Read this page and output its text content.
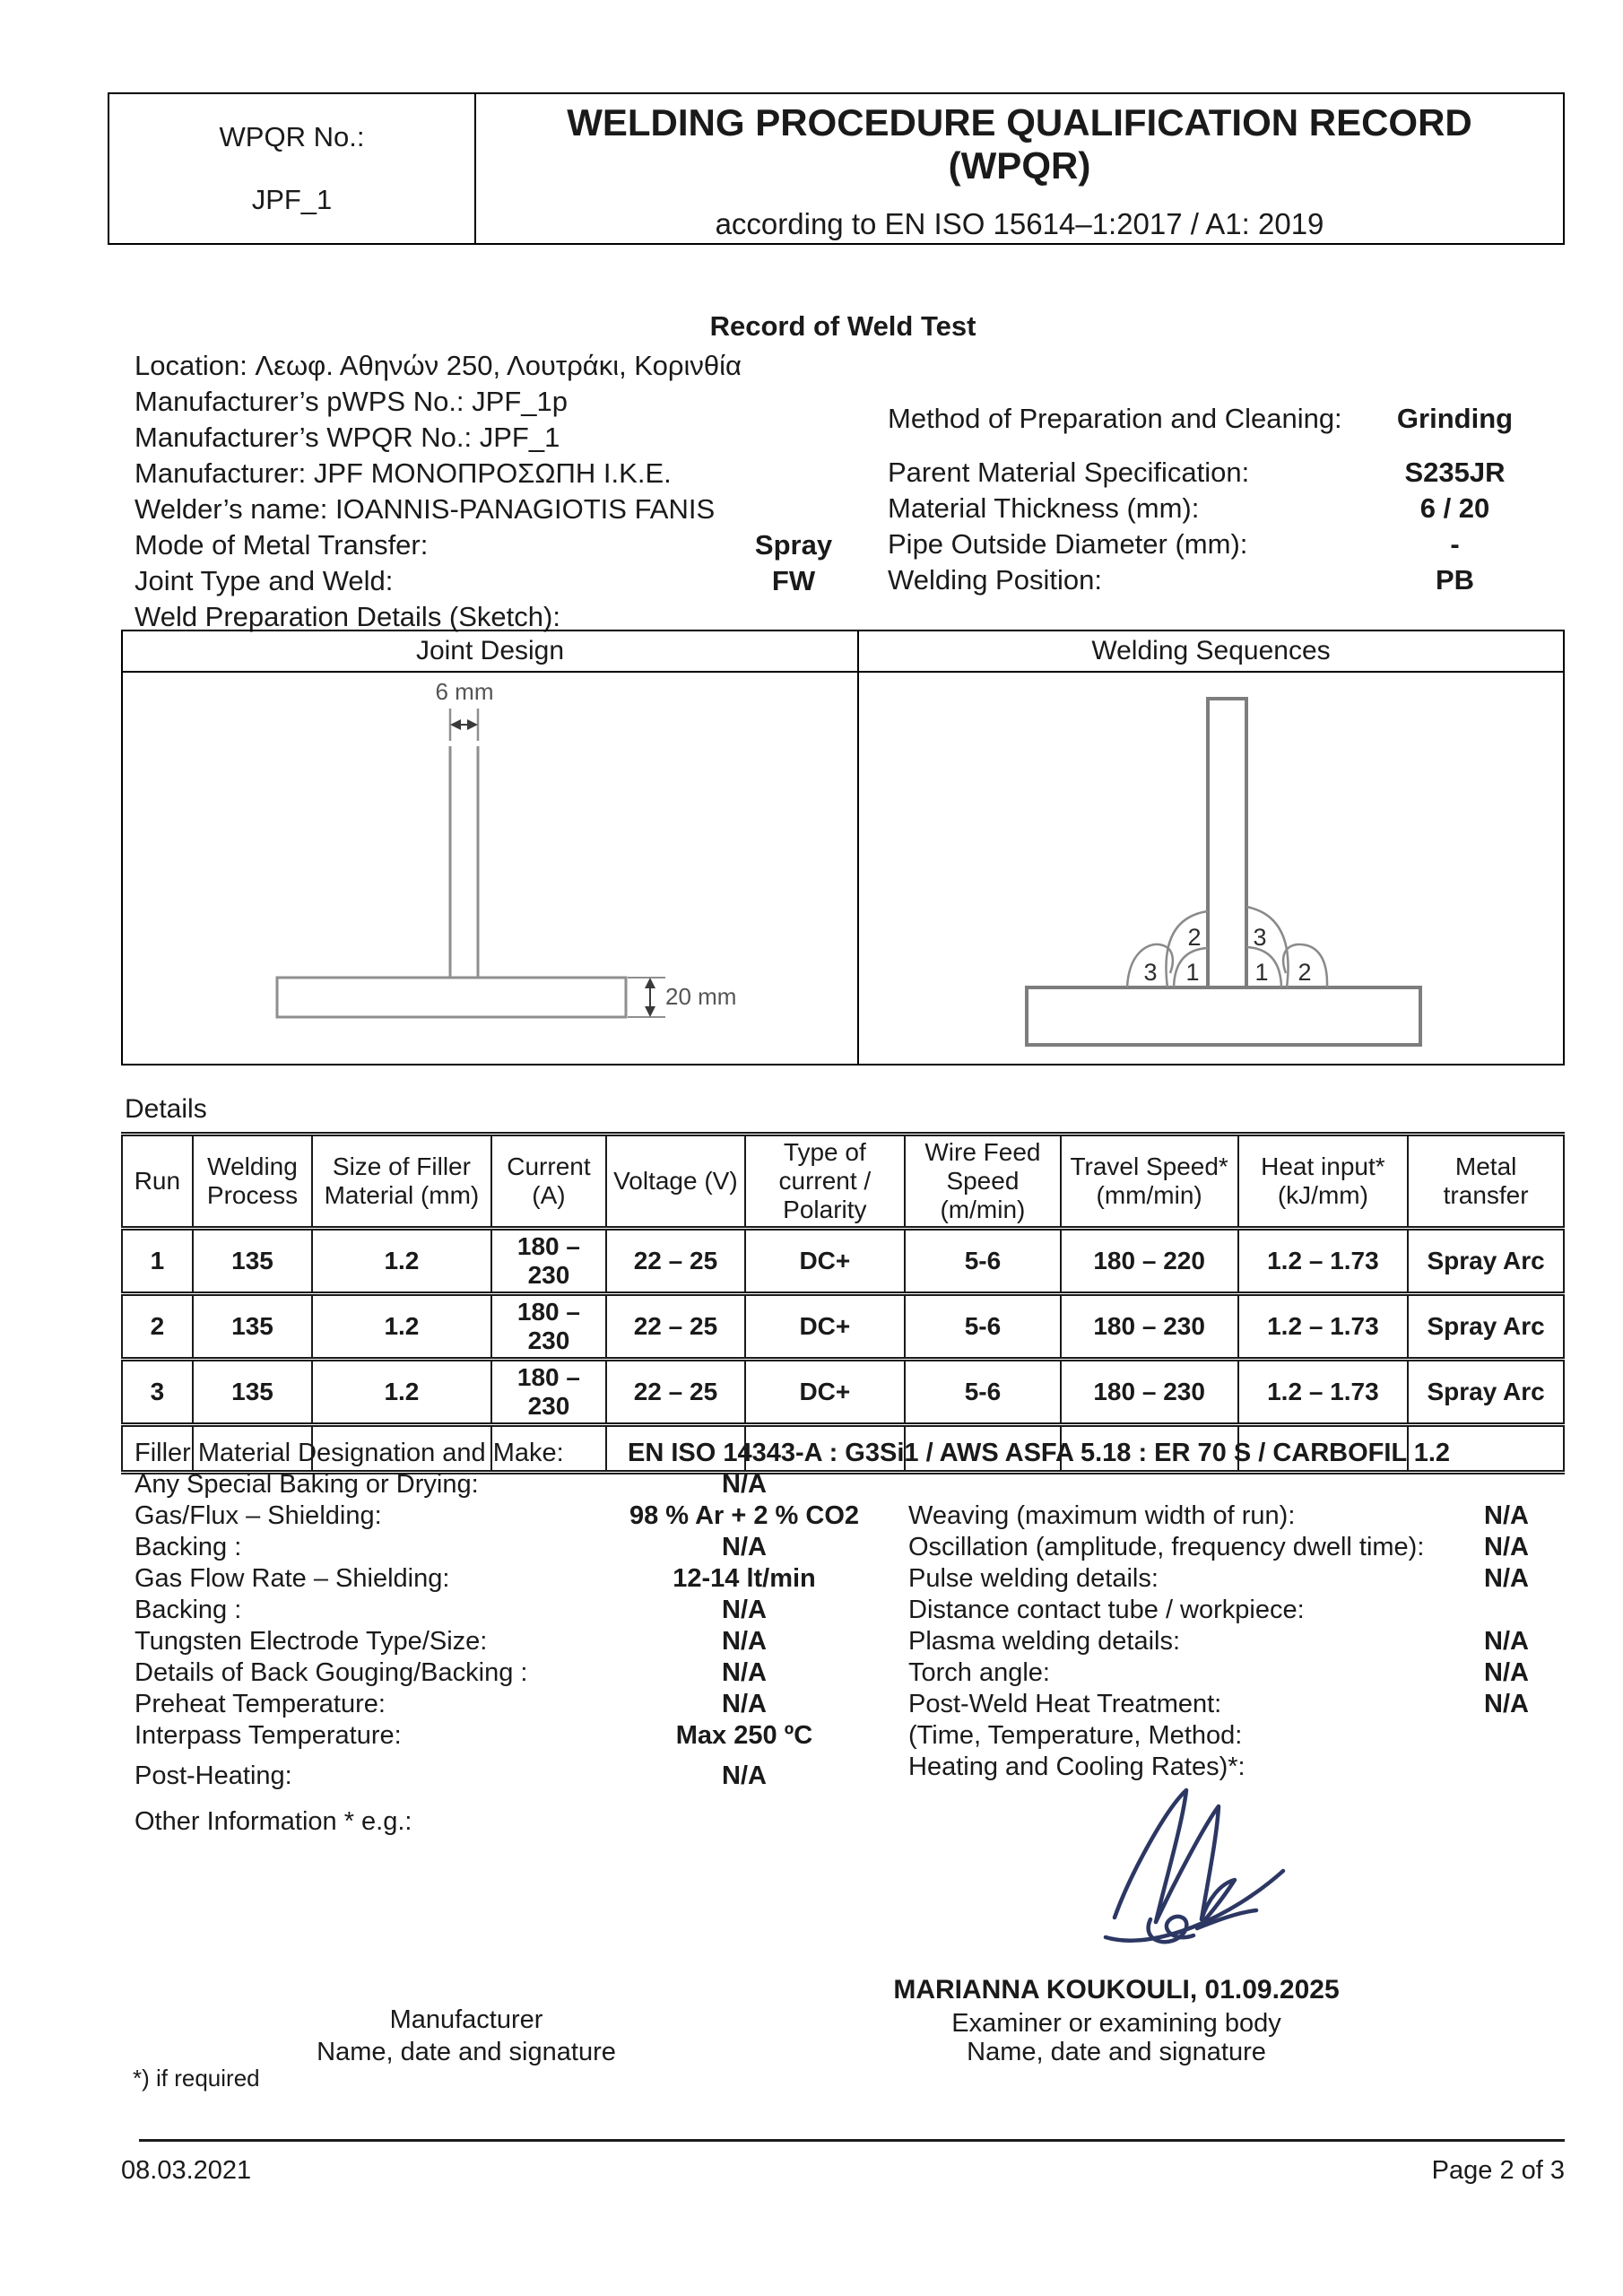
WPQR No.:
JPF_1
WELDING PROCEDURE QUALIFICATION RECORD
(WPQR)
according to EN ISO 15614–1:2017 / A1: 2019
Record of Weld Test
Location: Λεωφ. Αθηνών 250, Λουτράκι, Κορινθία
Manufacturer’s pWPS No.: JPF_1p
Manufacturer’s WPQR No.: JPF_1
Manufacturer: JPF ΜΟΝΟΠΡΟΣΩΠΗ Ι.Κ.Ε.
Welder’s name: IOANNIS-PANAGIOTIS FANIS
Mode of Metal Transfer:	Spray
Joint Type and Weld:	FW
Weld Preparation Details (Sketch):
Method of Preparation and Cleaning:	Grinding
Parent Material Specification:	S235JR
Material Thickness (mm):	6 / 20
Pipe Outside Diameter (mm):	-
Welding Position:	PB
Joint Design
6 mm
20 mm
Welding Sequences
2
1
3
3
1 2
Details
Run	Welding Process	Size of Filler Material (mm)	Current (A)	Voltage (V)	Type of current / Polarity	Wire Feed Speed (m/min)	Travel Speed* (mm/min)	Heat input* (kJ/mm)	Metal transfer
1	135	1.2	180 – 230	22 – 25	DC+	5-6	180 – 220	1.2 – 1.73	Spray Arc
2	135	1.2	180 – 230	22 – 25	DC+	5-6	180 – 230	1.2 – 1.73	Spray Arc
3	135	1.2	180 – 230	22 – 25	DC+	5-6	180 – 230	1.2 – 1.73	Spray Arc

Filler Material Designation and Make: EN ISO 14343-A : G3Si1 / AWS ASFA 5.18 : ER 70 S / CARBOFIL 1.2
Any Special Baking or Drying:	N/A
Gas/Flux – Shielding:	98 % Ar + 2 % CO2
Backing :	N/A
Gas Flow Rate – Shielding:	12-14 lt/min
Backing :	N/A
Tungsten Electrode Type/Size:	N/A
Details of Back Gouging/Backing :	N/A
Preheat Temperature:	N/A
Interpass Temperature:	Max 250 ºC
Post-Heating:	N/A
Other Information * e.g.:
Weaving (maximum width of run):	N/A
Oscillation (amplitude, frequency dwell time):	N/A
Pulse welding details:	N/A
Distance contact tube / workpiece:
Plasma welding details:	N/A
Torch angle:	N/A
Post-Weld Heat Treatment:	N/A
(Time, Temperature, Method:
Heating and Cooling Rates)*:
MARIANNA KOUKOULI, 01.09.2025
Examiner or examining body
Name, date and signature
Manufacturer
Name, date and signature
*) if required
08.03.2021	Page 2 of 3
